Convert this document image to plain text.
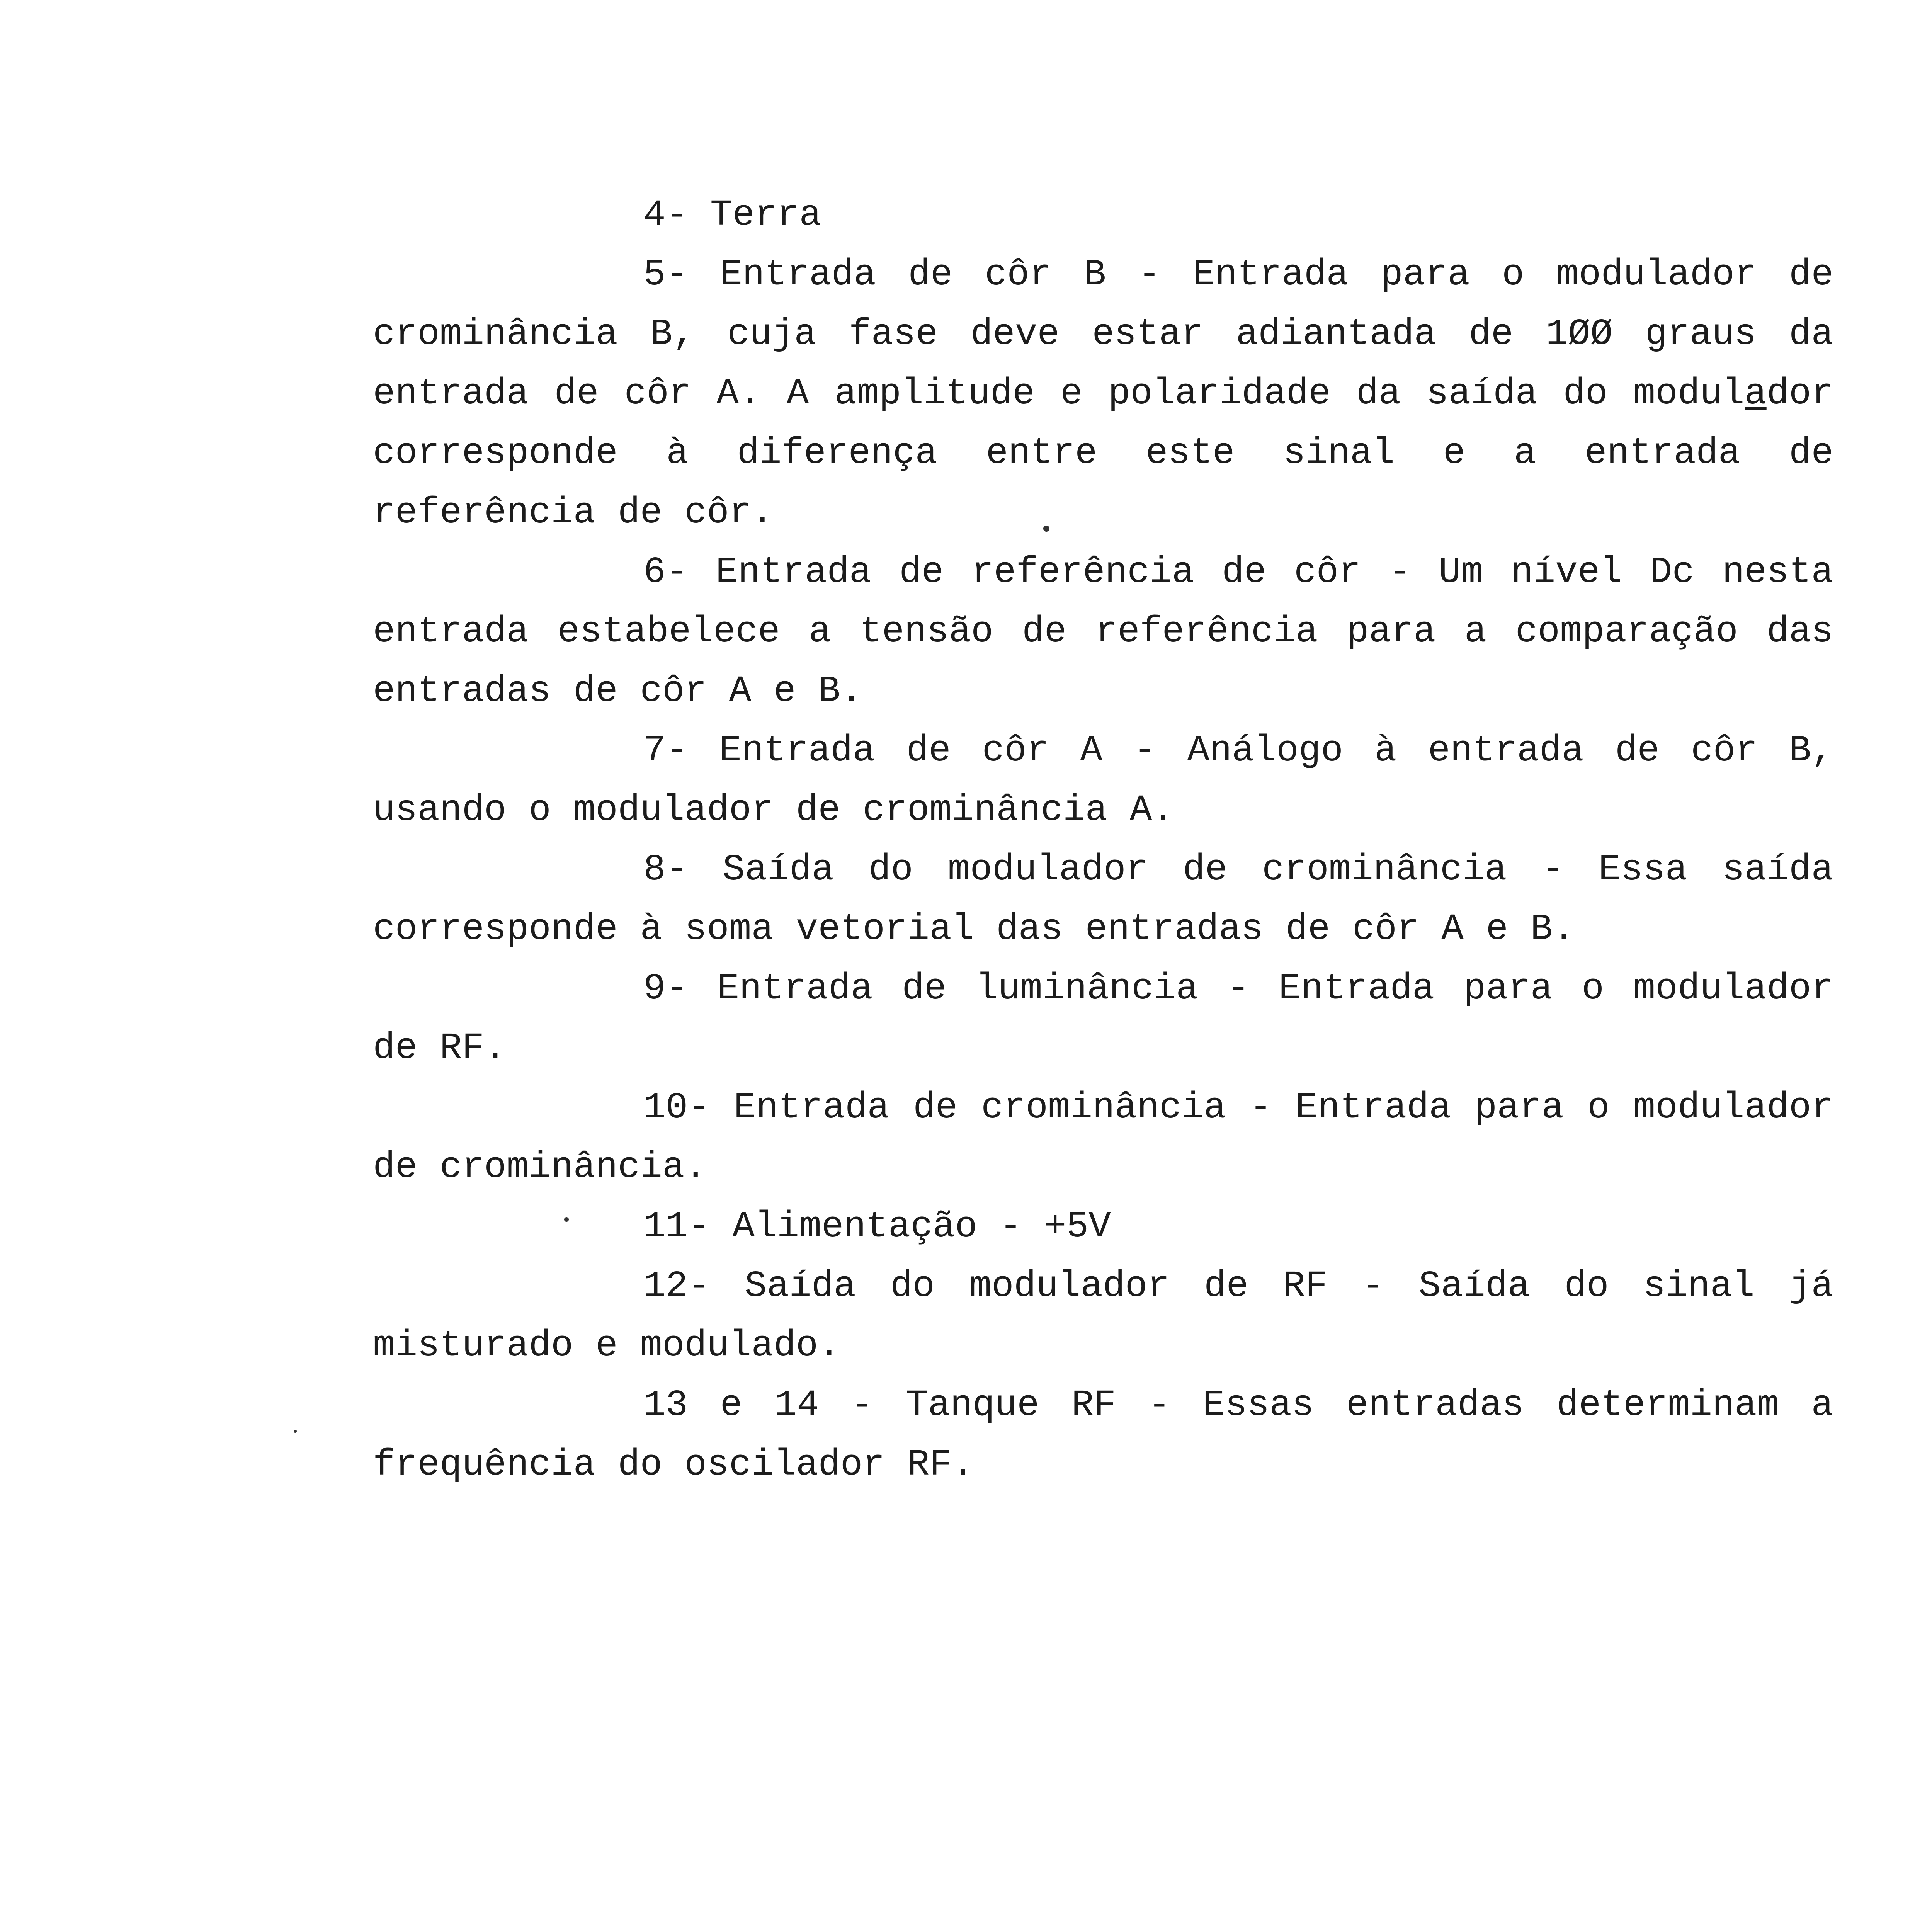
4- Terra

5- Entrada de côr B - Entrada para o modulador de crominância B, cuja fase deve estar adiantada de 1ØØ graus da entrada de côr A. A amplitude e polaridade da saída do modula̲dor corresponde à diferença entre este sinal e a entrada de referência de côr.

6- Entrada de referência de côr - Um nível Dc nesta entrada estabelece a tensão de referência para a comparação das entradas de côr A e B.

7- Entrada de côr A - Análogo à entrada de côr B, usando o modulador de crominância A.

8- Saída do modulador de crominância - Essa saída corresponde à soma vetorial das entradas de côr A e B.

9- Entrada de luminância - Entrada para o modulador de RF.

10- Entrada de crominância - Entrada para o modulador de crominância.

11- Alimentação - +5V

12- Saída do modulador de RF - Saída do sinal já misturado e modulado.

13 e 14 - Tanque RF - Essas entradas determinam a frequência do oscilador RF.
